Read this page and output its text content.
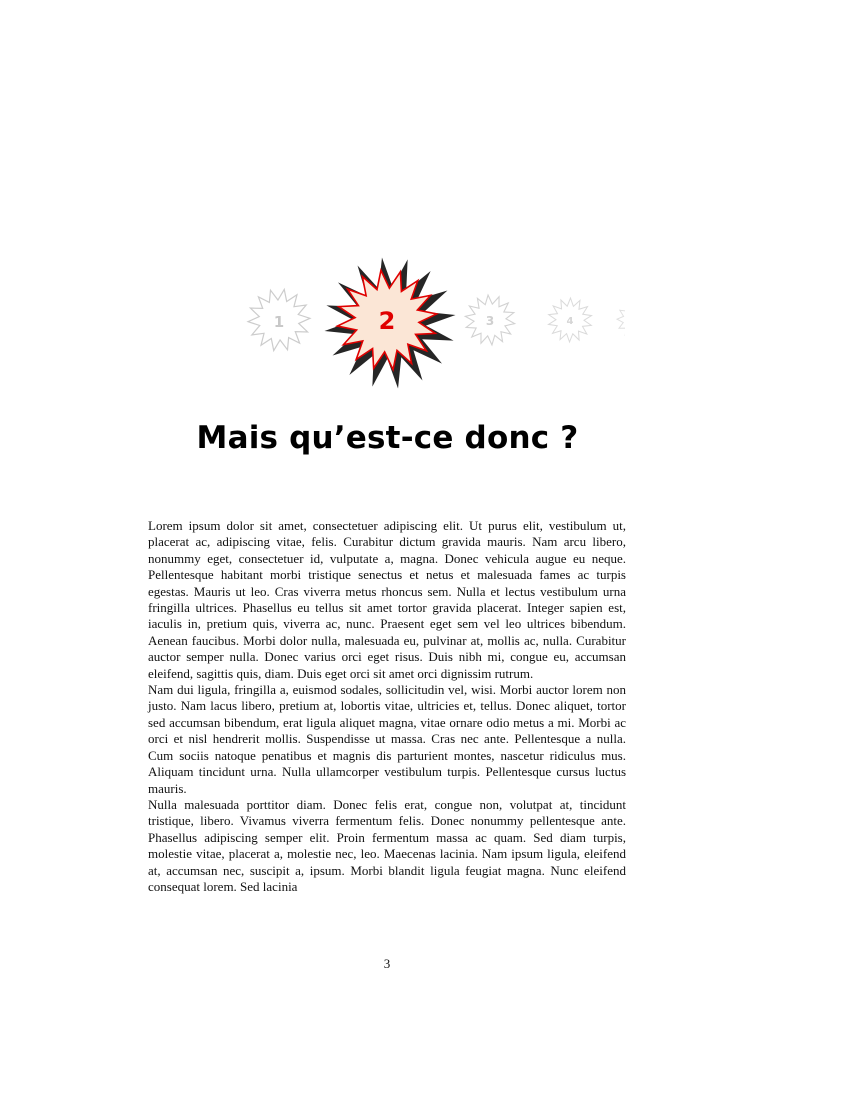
1	2	3	4
Mais qu’est-ce donc ?

Lorem ipsum dolor sit amet, consectetuer adipiscing elit. Ut purus elit, vestibulum ut, placerat ac, adipiscing vitae, felis. Curabitur dictum gravida mauris. Nam arcu libero, nonummy eget, consectetuer id, vulputate a, magna. Donec vehicula augue eu neque. Pellentesque habitant morbi tristique senectus et netus et malesuada fames ac turpis egestas. Mauris ut leo. Cras viverra metus rhoncus sem. Nulla et lectus vestibulum urna fringilla ultrices. Phasellus eu tellus sit amet tortor gravida placerat. Integer sapien est, iaculis in, pretium quis, viverra ac, nunc. Praesent eget sem vel leo ultrices bibendum. Aenean faucibus. Morbi dolor nulla, malesuada eu, pulvinar at, mollis ac, nulla. Curabitur auctor semper nulla. Donec varius orci eget risus. Duis nibh mi, congue eu, accumsan eleifend, sagittis quis, diam. Duis eget orci sit amet orci dignissim rutrum.

Nam dui ligula, fringilla a, euismod sodales, sollicitudin vel, wisi. Morbi auctor lorem non justo. Nam lacus libero, pretium at, lobortis vitae, ultricies et, tellus. Donec aliquet, tortor sed accumsan bibendum, erat ligula aliquet magna, vitae ornare odio metus a mi. Morbi ac orci et nisl hendrerit mollis. Suspendisse ut massa. Cras nec ante. Pellentesque a nulla. Cum sociis natoque penatibus et magnis dis parturient montes, nascetur ridiculus mus. Aliquam tincidunt urna. Nulla ullamcorper vestibulum turpis. Pellentesque cursus luctus mauris.

Nulla malesuada porttitor diam. Donec felis erat, congue non, volutpat at, tincidunt tristique, libero. Vivamus viverra fermentum felis. Donec nonummy pellentesque ante. Phasellus adipiscing semper elit. Proin fermentum massa ac quam. Sed diam turpis, molestie vitae, placerat a, molestie nec, leo. Maecenas lacinia. Nam ipsum ligula, eleifend at, accumsan nec, suscipit a, ipsum. Morbi blandit ligula feugiat magna. Nunc eleifend consequat lorem. Sed lacinia

3
